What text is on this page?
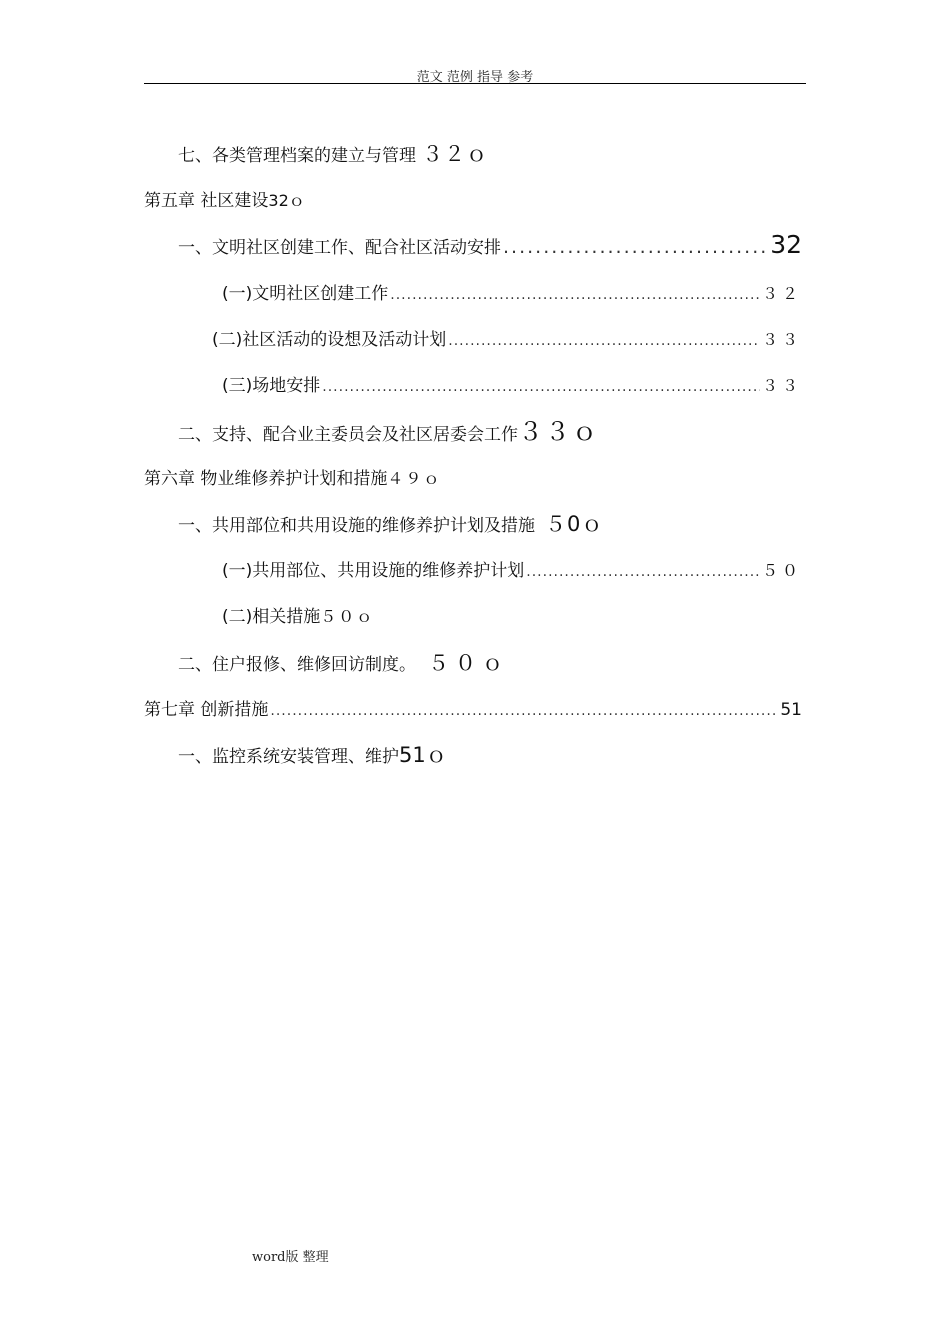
范文 范例 指导 参考
七、各类管理档案的建立与管理 ３２ｏ
第五章 社区建设 32ｏ
一、文明社区创建工作、配合社区活动安排 .....	32
(一)文明社区创建工作 .....	３２
(二)社区活动的设想及活动计划 .....	３３
(三)场地安排 .....	３３
二、支持、配合业主委员会及社区居委会工作 ３３ｏ
第六章 物业维修养护计划和措施 ４９ｏ
一、共用部位和共用设施的维修养护计划及措施 ５0ｏ
(一)共用部位、共用设施的维修养护计划 .....	５０
(二)相关措施 ５０ｏ
二、住户报修、维修回访制度。 ５０ｏ
第七章 创新措施 .....	51
一、监控系统安装管理、维护 51ｏ
word版 整理
